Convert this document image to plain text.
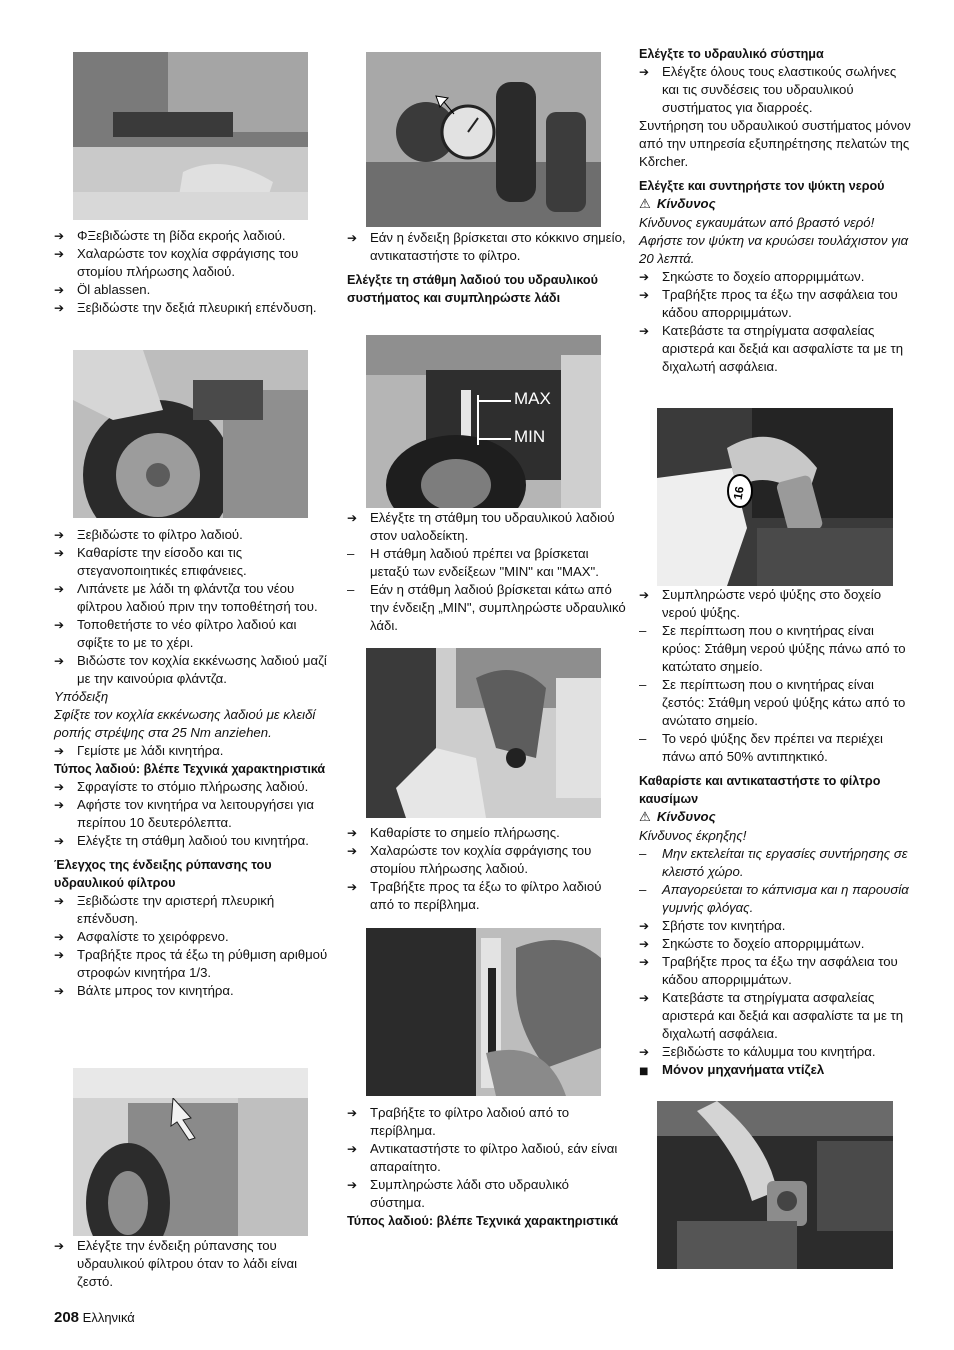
➔
ΦΞεβιδώστε τη βίδα εκροής λαδιού.
➔
Χαλαρώστε τον κοχλία σφράγισης του στομίου πλήρωσης λαδιού.
➔
Öl ablassen.
➔
Ξεβιδώστε την δεξιά πλευρική επένδυση.
➔
Ξεβιδώστε το φίλτρο λαδιού.
➔
Καθαρίστε την είσοδο και τις στεγανοποιητικές επιφάνειες.
➔
Λιπάνετε με λάδι τη φλάντζα του νέου φίλτρου λαδιού πριν την τοποθέτησή του.
➔
Τοποθετήστε το νέο φίλτρο λαδιού και σφίξτε το με το χέρι.
➔
Βιδώστε τον κοχλία εκκένωσης λαδιού μαζί με την καινούρια φλάντζα.

Υπόδειξη

Σφίξτε τον κοχλία εκκένωσης λαδιού με κλειδί ροπής στρέψης στα 25 Nm anziehen.

➔
Γεμίστε με λάδι κινητήρα.

Τύπος λαδιού: βλέπε Τεχνικά χαρακτηριστικά

➔
Σφραγίστε το στόμιο πλήρωσης λαδιού.
➔
Αφήστε τον κινητήρα να λειτουργήσει για περίπου 10 δευτερόλεπτα.
➔
Ελέγξτε τη στάθμη λαδιού του κινητήρα.

Έλεγχος της ένδειξης ρύπανσης του υδραυλικού φίλτρου

➔
Ξεβιδώστε την αριστερή πλευρική επένδυση.
➔
Ασφαλίστε το χειρόφρενο.
➔
Τραβήξτε προς τά έξω τη ρύθμιση αριθμού στροφών κινητήρα 1/3.
➔
Βάλτε μπρος τον κινητήρα.
➔
Ελέγξτε την ένδειξη ρύπανσης του υδραυλικού φίλτρου όταν το λάδι είναι ζεστό.
➔
Εάν η ένδειξη βρίσκεται στο κόκκινο σημείο, αντικαταστήστε το φίλτρο.

Ελέγξτε τη στάθμη λαδιού του υδραυλικού συστήματος και συμπληρώστε λάδι

MAX
MIN
➔
Ελέγξτε τη στάθμη του υδραυλικού λαδιού στον υαλοδείκτη.
–
Η στάθμη λαδιού πρέπει να βρίσκεται μεταξύ των ενδείξεων "MIN" και "MAX".
–
Εάν η στάθμη λαδιού βρίσκεται κάτω από την ένδειξη „MIN", συμπληρώστε υδραυλικό λάδι.
➔
Καθαρίστε το σημείο πλήρωσης.
➔
Χαλαρώστε τον κοχλία σφράγισης του στομίου πλήρωσης λαδιού.
➔
Τραβήξτε προς τα έξω το φίλτρο λαδιού από το περίβλημα.
➔
Τραβήξτε το φίλτρο λαδιού από το περίβλημα.
➔
Αντικαταστήστε το φίλτρο λαδιού, εάν είναι απαραίτητο.
➔
Συμπληρώστε λάδι στο υδραυλικό σύστημα.

Τύπος λαδιού: βλέπε Τεχνικά χαρακτηριστικά

Ελέγξτε το υδραυλικό σύστημα

➔
Ελέγξτε όλους τους ελαστικούς σωλήνες και τις συνδέσεις του υδραυλικού συστήματος για διαρροές.

Συντήρηση του υδραυλικού συστήματος μόνον από την υπηρεσία εξυπηρέτησης πελατών της Kδrcher.

Ελέγξτε και συντηρήστε τον ψύκτη νερού

⚠ Κίνδυνος

Κίνδυνος εγκαυμάτων από βραστό νερό! Αφήστε τον ψύκτη να κρυώσει τουλάχιστον για 20 λεπτά.

➔
Σηκώστε το δοχείο απορριμμάτων.
➔
Τραβήξτε προς τα έξω την ασφάλεια του κάδου απορριμμάτων.
➔
Κατεβάστε τα στηρίγματα ασφαλείας αριστερά και δεξιά και ασφαλίστε τα με τη διχαλωτή ασφάλεια.
16
➔
Συμπληρώστε νερό ψύξης στο δοχείο νερού ψύξης.
–
Σε περίπτωση που ο κινητήρας είναι κρύος: Στάθμη νερού ψύξης πάνω από το κατώτατο σημείο.
–
Σε περίπτωση που ο κινητήρας είναι ζεστός: Στάθμη νερού ψύξης κάτω από το ανώτατο σημείο.
–
Το νερό ψύξης δεν πρέπει να περιέχει πάνω από 50% αντιπηκτικό.

Καθαρίστε και αντικαταστήστε το φίλτρο καυσίμων

⚠ Κίνδυνος

Κίνδυνος έκρηξης!

–
Μην εκτελείται τις εργασίες συντήρησης σε κλειστό χώρο.
–
Απαγορεύεται το κάπνισμα και η παρουσία γυμνής φλόγας.
➔
Σβήστε τον κινητήρα.
➔
Σηκώστε το δοχείο απορριμμάτων.
➔
Τραβήξτε προς τα έξω την ασφάλεια του κάδου απορριμμάτων.
➔
Κατεβάστε τα στηρίγματα ασφαλείας αριστερά και δεξιά και ασφαλίστε τα με τη διχαλωτή ασφάλεια.
➔
Ξεβιδώστε το κάλυμμα του κινητήρα.
■
Μόνον μηχανήματα ντίζελ
208 Ελληνικά
